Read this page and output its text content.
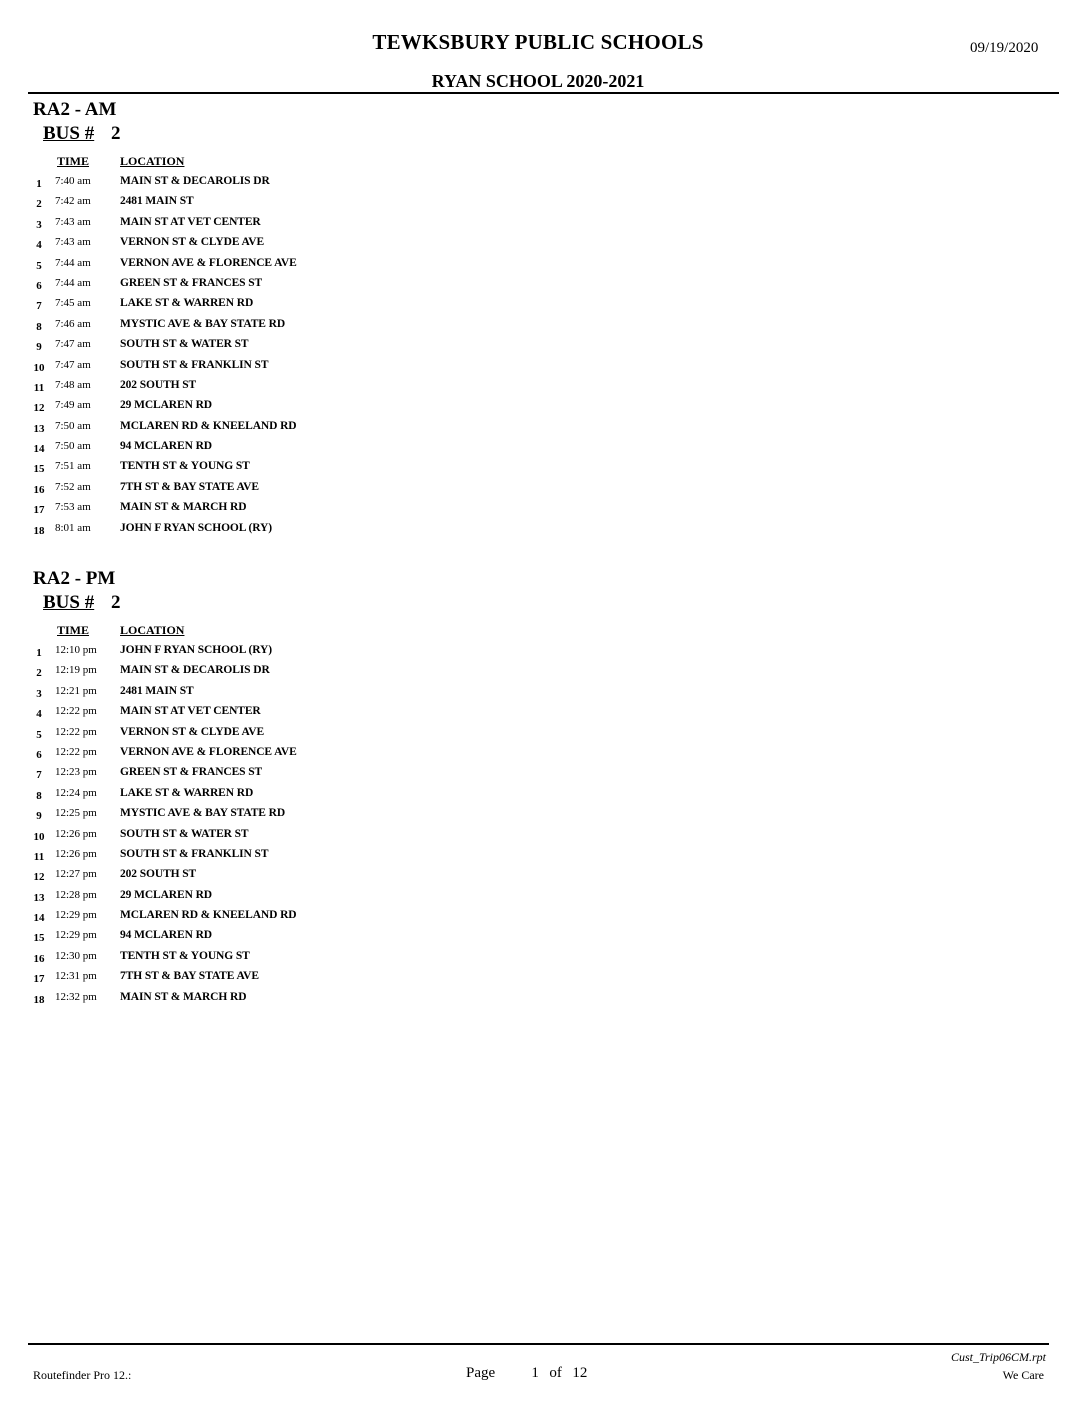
TEWKSBURY PUBLIC SCHOOLS	09/19/2020
RYAN SCHOOL 2020-2021
RA2 - AM
BUS # 2
TIME	LOCATION
1 7:40 am	MAIN ST & DECAROLIS DR
2 7:42 am	2481 MAIN ST
3 7:43 am	MAIN ST AT VET CENTER
4 7:43 am	VERNON ST & CLYDE AVE
5 7:44 am	VERNON AVE & FLORENCE AVE
6 7:44 am	GREEN ST & FRANCES ST
7 7:45 am	LAKE ST & WARREN RD
8 7:46 am	MYSTIC AVE & BAY STATE RD
9 7:47 am	SOUTH ST & WATER ST
10 7:47 am	SOUTH ST & FRANKLIN ST
11 7:48 am	202 SOUTH ST
12 7:49 am	29 MCLAREN RD
13 7:50 am	MCLAREN RD & KNEELAND RD
14 7:50 am	94 MCLAREN RD
15 7:51 am	TENTH ST & YOUNG ST
16 7:52 am	7TH ST & BAY STATE AVE
17 7:53 am	MAIN ST & MARCH RD
18 8:01 am	JOHN F RYAN SCHOOL (RY)
RA2 - PM
BUS # 2
TIME	LOCATION
1 12:10 pm JOHN F RYAN SCHOOL (RY)
2 12:19 pm MAIN ST & DECAROLIS DR
3 12:21 pm 2481 MAIN ST
4 12:22 pm MAIN ST AT VET CENTER
5 12:22 pm VERNON ST & CLYDE AVE
6 12:22 pm VERNON AVE & FLORENCE AVE
7 12:23 pm GREEN ST & FRANCES ST
8 12:24 pm LAKE ST & WARREN RD
9 12:25 pm MYSTIC AVE & BAY STATE RD
10 12:26 pm SOUTH ST & WATER ST
11 12:26 pm SOUTH ST & FRANKLIN ST
12 12:27 pm 202 SOUTH ST
13 12:28 pm 29 MCLAREN RD
14 12:29 pm MCLAREN RD & KNEELAND RD
15 12:29 pm 94 MCLAREN RD
16 12:30 pm TENTH ST & YOUNG ST
17 12:31 pm 7TH ST & BAY STATE AVE
18 12:32 pm MAIN ST & MARCH RD
Cust_Trip06CM.rpt
Routefinder Pro 12.:	Page 1 of 12	We Care
